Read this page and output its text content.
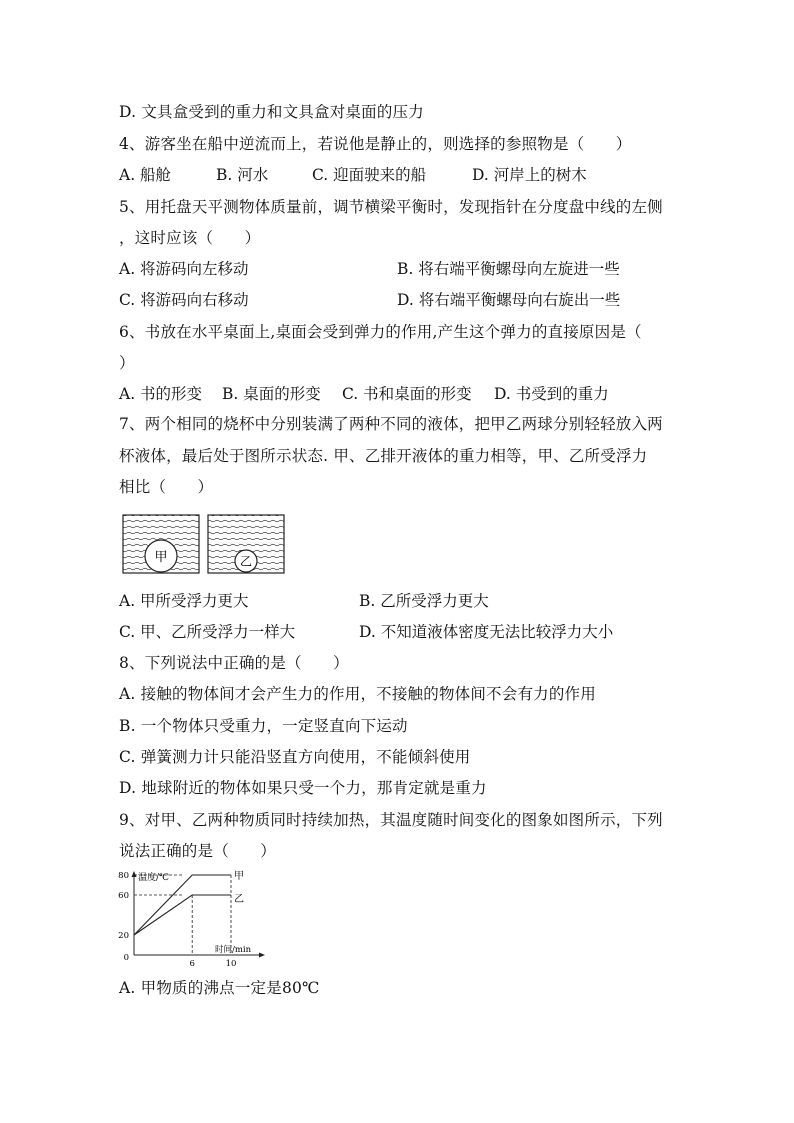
D. 文具盒受到的重力和文具盒对桌面的压力
4、游客坐在船中逆流而上，若说他是静止的，则选择的参照物是（　　）
A. 船舱	B. 河水	C. 迎面驶来的船	D. 河岸上的树木
5、用托盘天平测物体质量前，调节横梁平衡时，发现指针在分度盘中线的左侧
，这时应该（　　）
A. 将游码向左移动	B. 将右端平衡螺母向左旋进一些
C. 将游码向右移动	D. 将右端平衡螺母向右旋出一些
6、书放在水平桌面上,桌面会受到弹力的作用,产生这个弹力的直接原因是（
）
A. 书的形变 B. 桌面的形变 C. 书和桌面的形变 D. 书受到的重力
7、两个相同的烧杯中分别装满了两种不同的液体，把甲乙两球分别轻轻放入两
杯液体，最后处于图所示状态. 甲、乙排开液体的重力相等，甲、乙所受浮力
相比（　　）
甲	乙
A. 甲所受浮力更大	B. 乙所受浮力更大
C. 甲、乙所受浮力一样大	D. 不知道液体密度无法比较浮力大小
8、下列说法中正确的是（　　）
A. 接触的物体间才会产生力的作用，不接触的物体间不会有力的作用
B. 一个物体只受重力，一定竖直向下运动
C. 弹簧测力计只能沿竖直方向使用，不能倾斜使用
D. 地球附近的物体如果只受一个力，那肯定就是重力
9、对甲、乙两种物质同时持续加热，其温度随时间变化的图象如图所示，下列
说法正确的是（　　）
温度/℃
时间/min
80
60
20
0
6	10
甲
乙
A. 甲物质的沸点一定是80℃
